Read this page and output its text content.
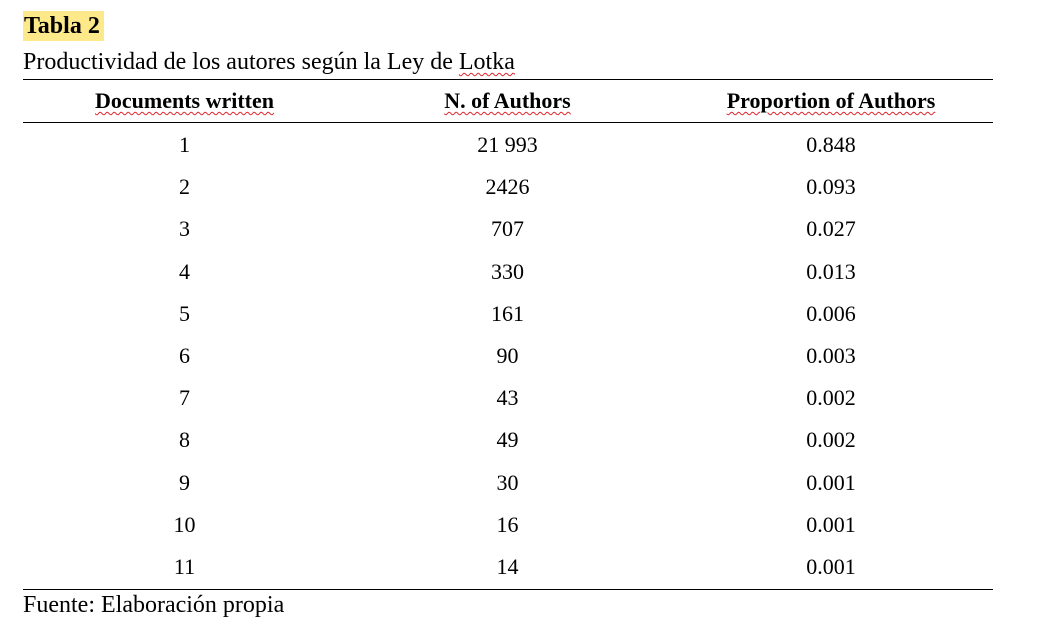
Tabla 2
Productividad de los autores según la Ley de Lotka
Documents written	N. of Authors	Proportion of Authors
1	21 993	0.848
2	2426	0.093
3	707	0.027
4	330	0.013
5	161	0.006
6	90	0.003
7	43	0.002
8	49	0.002
9	30	0.001
10	16	0.001
11	14	0.001
Fuente: Elaboración propia
